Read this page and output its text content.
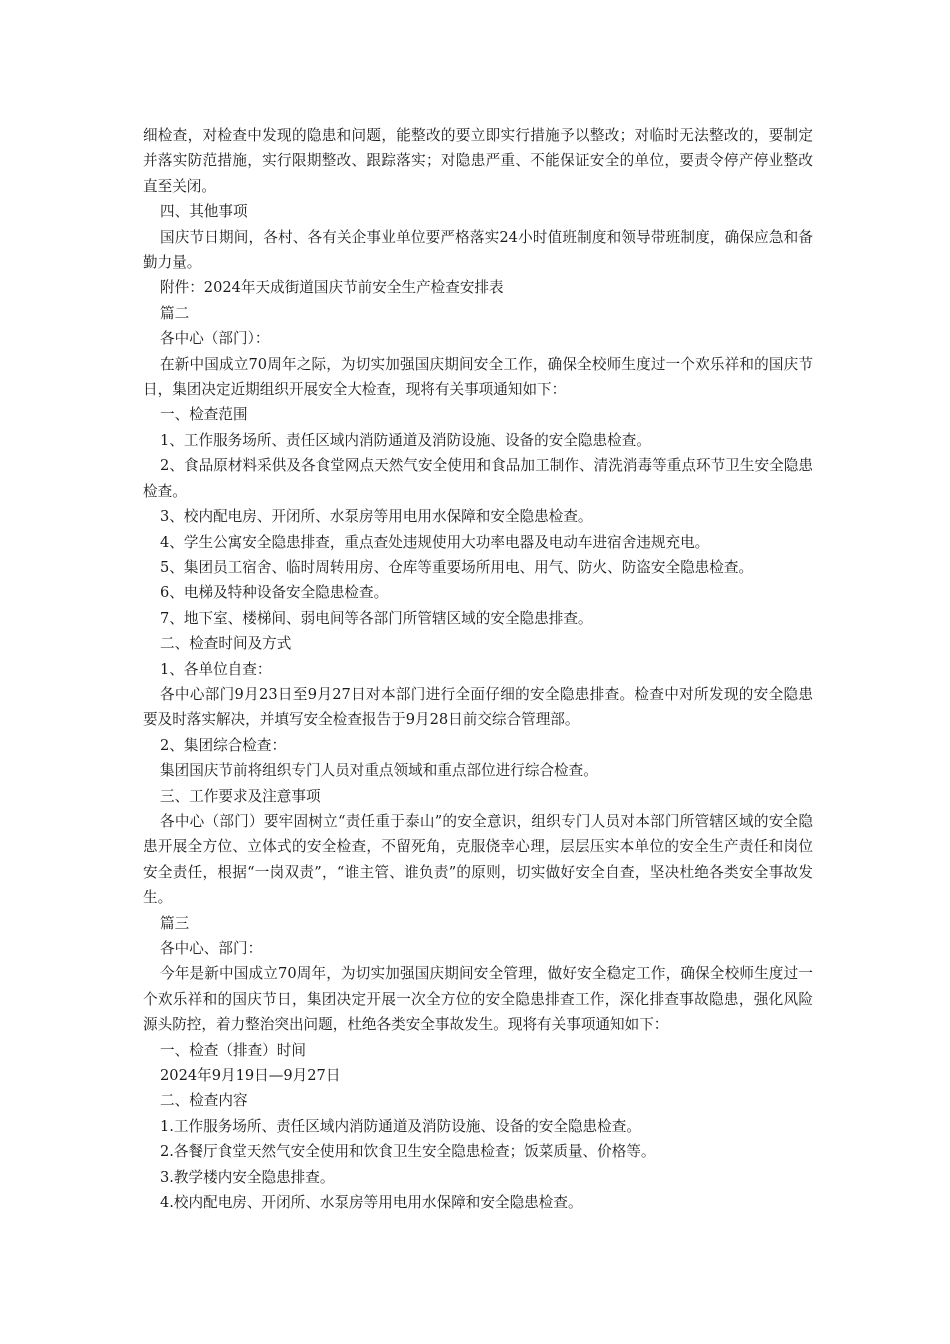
细检查，对检查中发现的隐患和问题，能整改的要立即实行措施予以整改；对临时无法整改的，要制定并落实防范措施，实行限期整改、跟踪落实；对隐患严重、不能保证安全的单位，要责令停产停业整改直至关闭。

四、其他事项

国庆节日期间，各村、各有关企事业单位要严格落实24小时值班制度和领导带班制度，确保应急和备勤力量。

附件：2024年天成街道国庆节前安全生产检查安排表

篇二

各中心（部门）：

在新中国成立70周年之际，为切实加强国庆期间安全工作，确保全校师生度过一个欢乐祥和的国庆节日，集团决定近期组织开展安全大检查，现将有关事项通知如下：

一、检查范围

1、工作服务场所、责任区域内消防通道及消防设施、设备的安全隐患检查。

2、食品原材料采供及各食堂网点天然气安全使用和食品加工制作、清洗消毒等重点环节卫生安全隐患检查。

3、校内配电房、开闭所、水泵房等用电用水保障和安全隐患检查。

4、学生公寓安全隐患排查，重点查处违规使用大功率电器及电动车进宿舍违规充电。

5、集团员工宿舍、临时周转用房、仓库等重要场所用电、用气、防火、防盗安全隐患检查。

6、电梯及特种设备安全隐患检查。

7、地下室、楼梯间、弱电间等各部门所管辖区域的安全隐患排查。

二、检查时间及方式

1、各单位自查：

各中心部门9月23日至9月27日对本部门进行全面仔细的安全隐患排查。检查中对所发现的安全隐患要及时落实解决，并填写安全检查报告于9月28日前交综合管理部。

2、集团综合检查：

集团国庆节前将组织专门人员对重点领域和重点部位进行综合检查。

三、工作要求及注意事项

各中心（部门）要牢固树立“责任重于泰山”的安全意识，组织专门人员对本部门所管辖区域的安全隐患开展全方位、立体式的安全检查，不留死角，克服侥幸心理，层层压实本单位的安全生产责任和岗位安全责任，根据“一岗双责”，“谁主管、谁负责”的原则，切实做好安全自查，坚决杜绝各类安全事故发生。

篇三

各中心、部门：

今年是新中国成立70周年，为切实加强国庆期间安全管理，做好安全稳定工作，确保全校师生度过一个欢乐祥和的国庆节日，集团决定开展一次全方位的安全隐患排查工作，深化排查事故隐患，强化风险源头防控，着力整治突出问题，杜绝各类安全事故发生。现将有关事项通知如下：

一、检查（排查）时间

2024年9月19日—9月27日

二、检查内容

1.工作服务场所、责任区域内消防通道及消防设施、设备的安全隐患检查。

2.各餐厅食堂天然气安全使用和饮食卫生安全隐患检查；饭菜质量、价格等。

3.教学楼内安全隐患排查。

4.校内配电房、开闭所、水泵房等用电用水保障和安全隐患检查。
